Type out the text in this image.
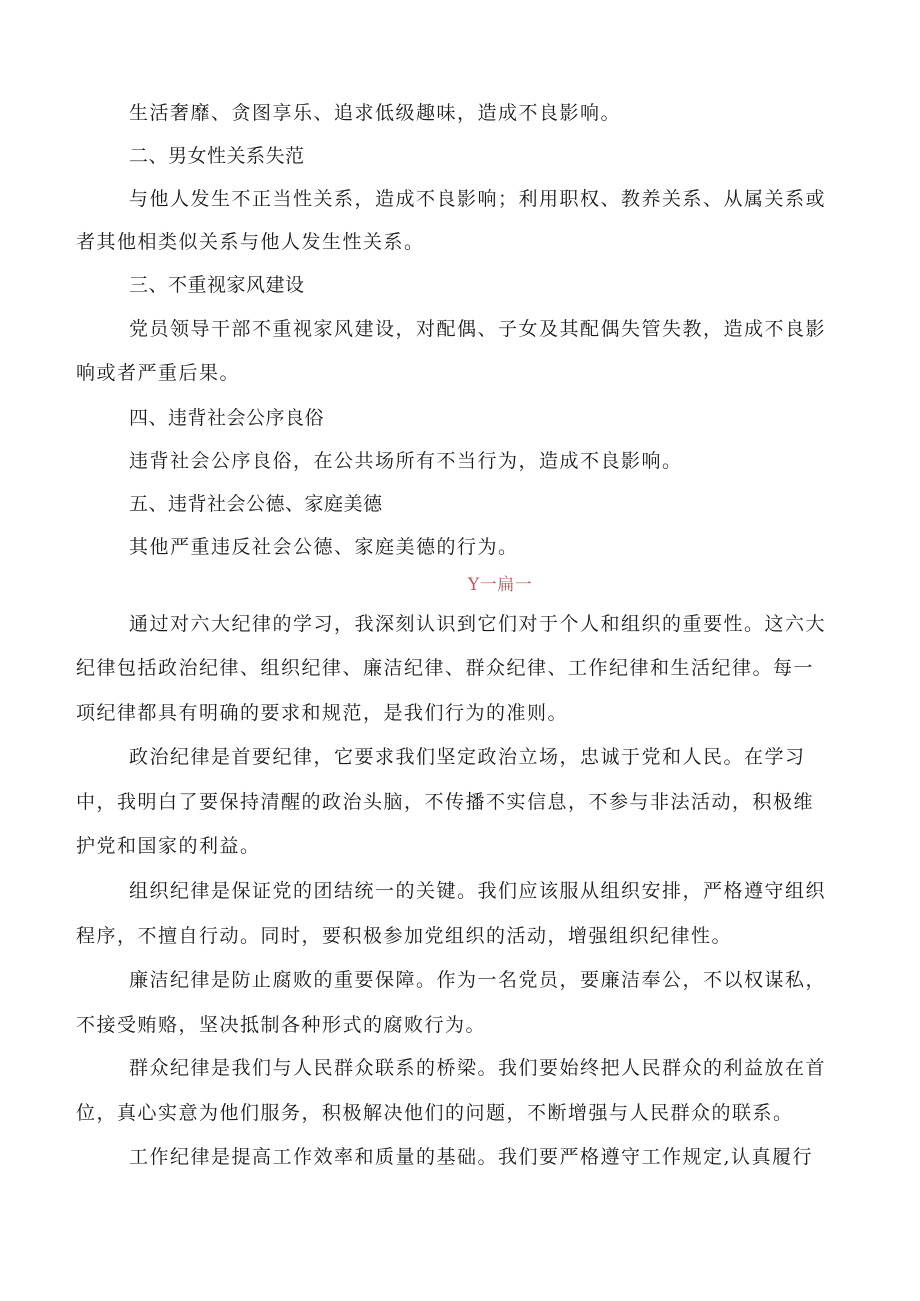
生活奢靡、贪图享乐、追求低级趣味，造成不良影响。
二、男女性关系失范
与他人发生不正当性关系，造成不良影响；利用职权、教养关系、从属关系或
者其他相类似关系与他人发生性关系。
三、不重视家风建设
党员领导干部不重视家风建设，对配偶、子女及其配偶失管失教，造成不良影
响或者严重后果。
四、违背社会公序良俗
违背社会公序良俗，在公共场所有不当行为，造成不良影响。
五、违背社会公德、家庭美德
其他严重违反社会公德、家庭美德的行为。
Y一扁一
通过对六大纪律的学习，我深刻认识到它们对于个人和组织的重要性。这六大
纪律包括政治纪律、组织纪律、廉洁纪律、群众纪律、工作纪律和生活纪律。每一
项纪律都具有明确的要求和规范，是我们行为的准则。
政治纪律是首要纪律，它要求我们坚定政治立场，忠诚于党和人民。在学习
中，我明白了要保持清醒的政治头脑，不传播不实信息，不参与非法活动，积极维
护党和国家的利益。
组织纪律是保证党的团结统一的关键。我们应该服从组织安排，严格遵守组织
程序，不擅自行动。同时，要积极参加党组织的活动，增强组织纪律性。
廉洁纪律是防止腐败的重要保障。作为一名党员，要廉洁奉公，不以权谋私，
不接受贿赂，坚决抵制各种形式的腐败行为。
群众纪律是我们与人民群众联系的桥梁。我们要始终把人民群众的利益放在首
位，真心实意为他们服务，积极解决他们的问题，不断增强与人民群众的联系。
工作纪律是提高工作效率和质量的基础。我们要严格遵守工作规定,认真履行
